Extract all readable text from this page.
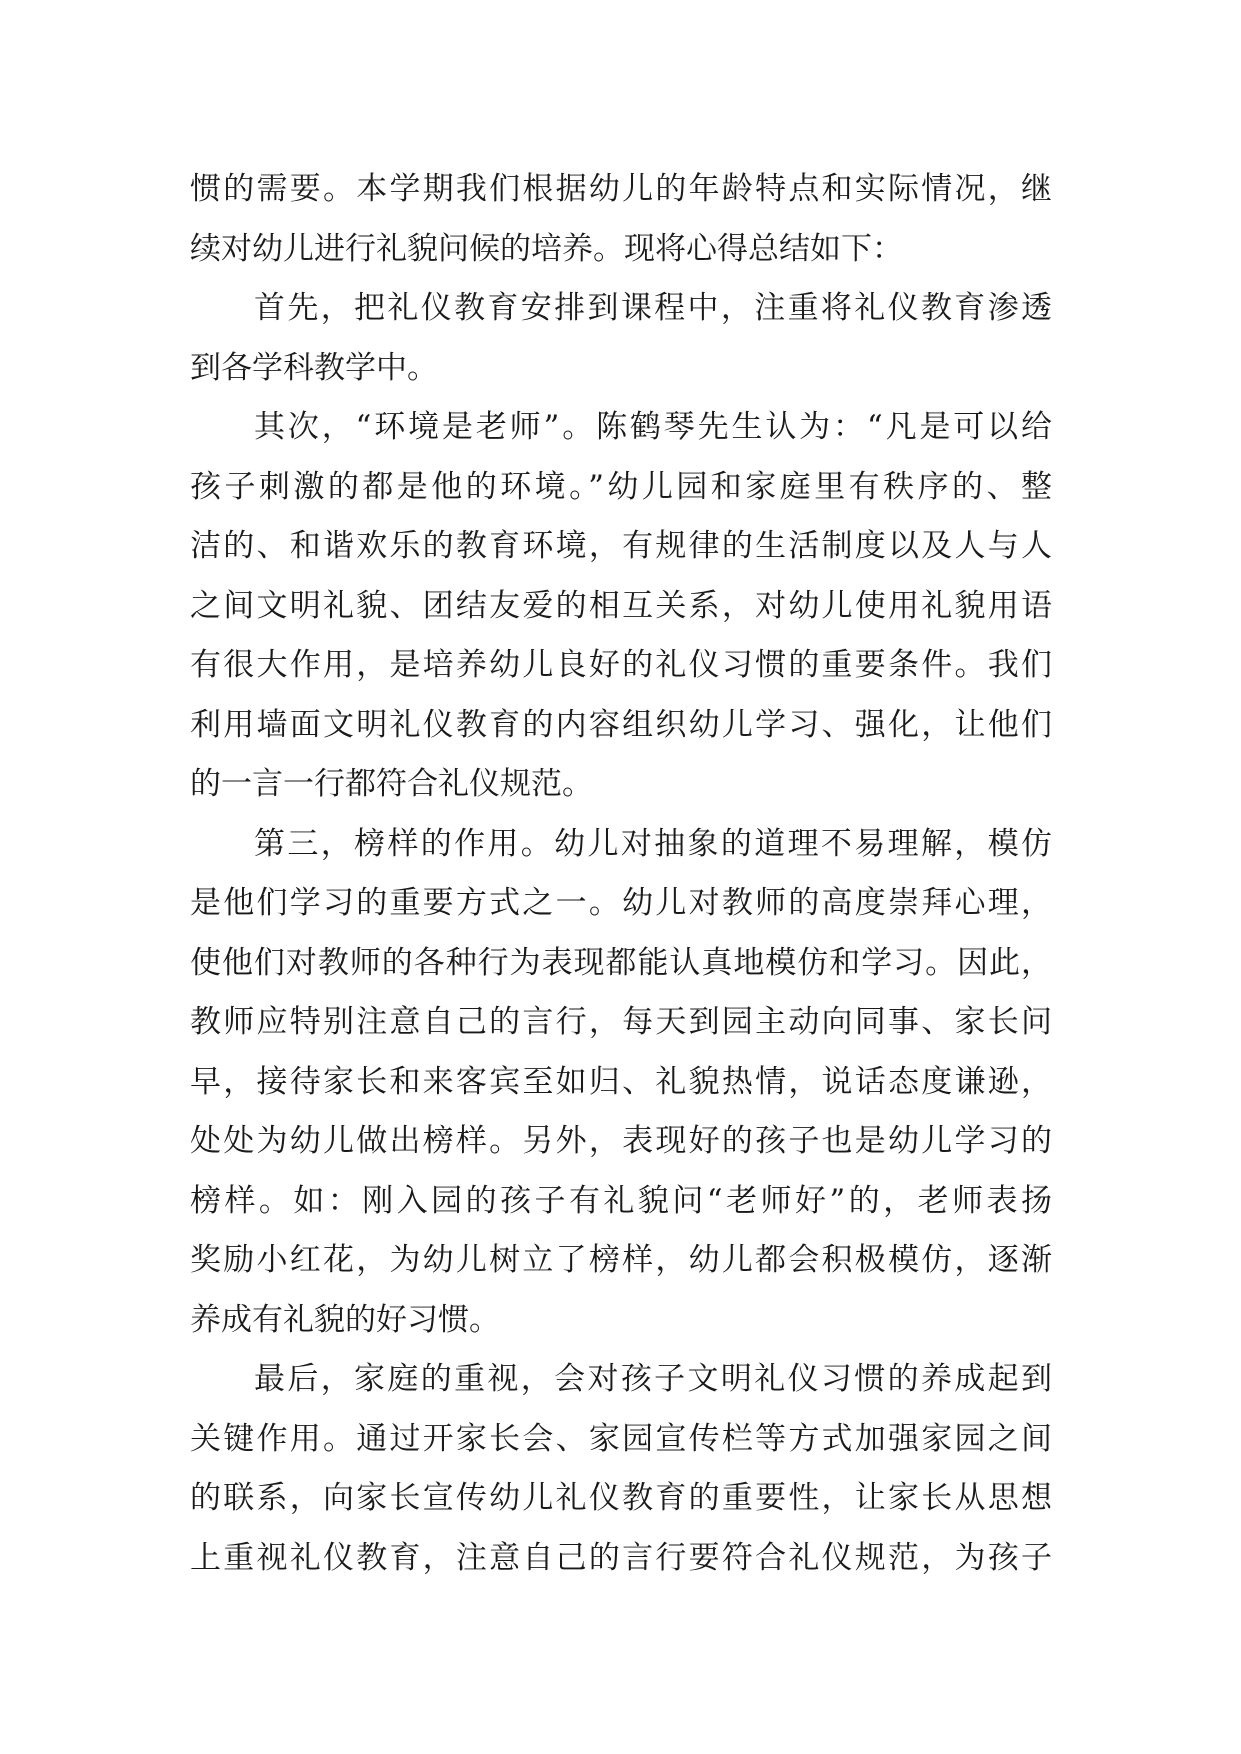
惯的需要。本学期我们根据幼儿的年龄特点和实际情况，继
续对幼儿进行礼貌问候的培养。现将心得总结如下：
首先，把礼仪教育安排到课程中，注重将礼仪教育渗透
到各学科教学中。
其次，“环境是老师”。陈鹤琴先生认为：“凡是可以给
孩子刺激的都是他的环境。”幼儿园和家庭里有秩序的、整
洁的、和谐欢乐的教育环境，有规律的生活制度以及人与人
之间文明礼貌、团结友爱的相互关系，对幼儿使用礼貌用语
有很大作用，是培养幼儿良好的礼仪习惯的重要条件。我们
利用墙面文明礼仪教育的内容组织幼儿学习、强化，让他们
的一言一行都符合礼仪规范。
第三，榜样的作用。幼儿对抽象的道理不易理解，模仿
是他们学习的重要方式之一。幼儿对教师的高度崇拜心理，
使他们对教师的各种行为表现都能认真地模仿和学习。因此，
教师应特别注意自己的言行，每天到园主动向同事、家长问
早，接待家长和来客宾至如归、礼貌热情，说话态度谦逊，
处处为幼儿做出榜样。另外，表现好的孩子也是幼儿学习的
榜样。如：刚入园的孩子有礼貌问“老师好”的，老师表扬
奖励小红花，为幼儿树立了榜样，幼儿都会积极模仿，逐渐
养成有礼貌的好习惯。
最后，家庭的重视，会对孩子文明礼仪习惯的养成起到
关键作用。通过开家长会、家园宣传栏等方式加强家园之间
的联系，向家长宣传幼儿礼仪教育的重要性，让家长从思想
上重视礼仪教育，注意自己的言行要符合礼仪规范，为孩子
